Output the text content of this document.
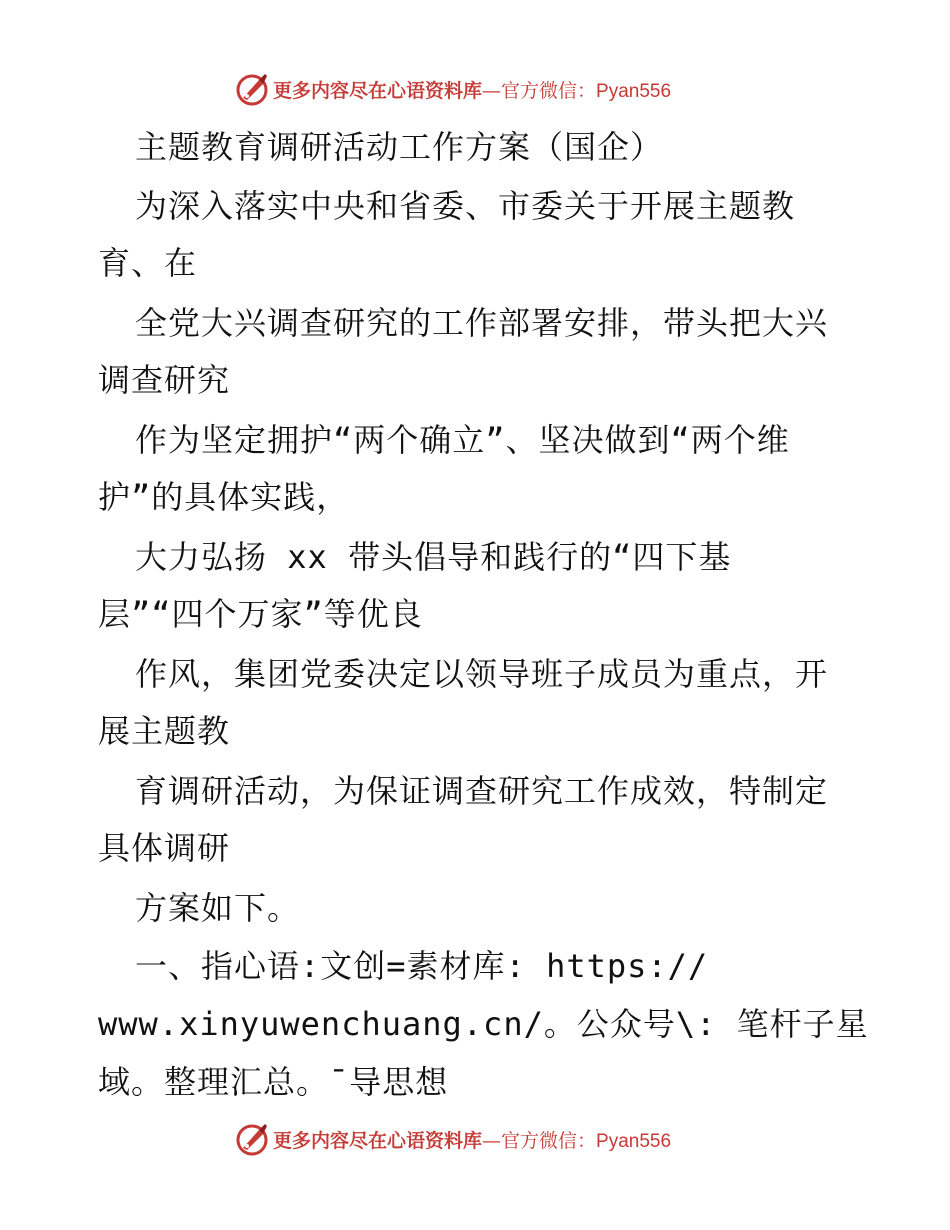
更多内容尽在心语资料库—官方微信：Pyan556
主题教育调研活动工作方案（国企）
为深入落实中央和省委、市委关于开展主题教
育、在
全党大兴调查研究的工作部署安排，带头把大兴
调查研究
作为坚定拥护“两个确立”、坚决做到“两个维
护”的具体实践，
大力弘扬 xx 带头倡导和践行的“四下基
层”“四个万家”等优良
作风，集团党委决定以领导班子成员为重点，开
展主题教
育调研活动，为保证调查研究工作成效，特制定
具体调研
方案如下。
一、指心语:文创=素材库: https://
www.xinyuwenchuang.cn/。公众号\: 笔杆子星
域。整理汇总。¯导思想
更多内容尽在心语资料库—官方微信：Pyan556
